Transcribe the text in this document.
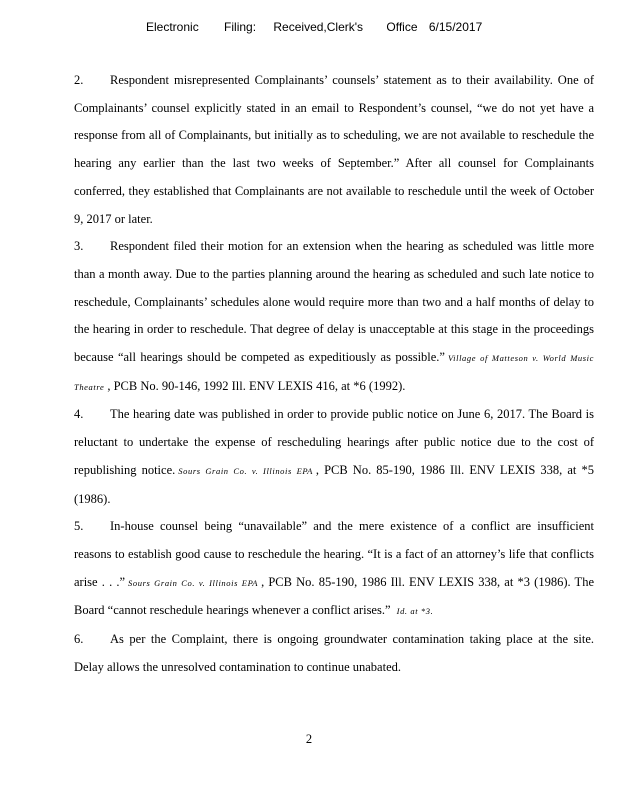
Electronic Filing: Received,Clerk's Office 6/15/2017

2. Respondent misrepresented Complainants’ counsels’ statement as to their availability. One of Complainants’ counsel explicitly stated in an email to Respondent’s counsel, “we do not yet have a response from all of Complainants, but initially as to scheduling, we are not available to reschedule the hearing any earlier than the last two weeks of September.” After all counsel for Complainants conferred, they established that Complainants are not available to reschedule until the week of October 9, 2017 or later.

3. Respondent filed their motion for an extension when the hearing as scheduled was little more than a month away. Due to the parties planning around the hearing as scheduled and such late notice to reschedule, Complainants’ schedules alone would require more than two and a half months of delay to the hearing in order to reschedule. That degree of delay is unacceptable at this stage in the proceedings because “all hearings should be competed as expeditiously as possible.” Village of Matteson v. World Music Theatre , PCB No. 90-146, 1992 Ill. ENV LEXIS 416, at *6 (1992).

4. The hearing date was published in order to provide public notice on June 6, 2017. The Board is reluctant to undertake the expense of rescheduling hearings after public notice due to the cost of republishing notice. Sours Grain Co. v. Illinois EPA , PCB No. 85-190, 1986 Ill. ENV LEXIS 338, at *5 (1986).

5. In-house counsel being “unavailable” and the mere existence of a conflict are insufficient reasons to establish good cause to reschedule the hearing. “It is a fact of an attorney’s life that conflicts arise . . .” Sours Grain Co. v. Illinois EPA , PCB No. 85-190, 1986 Ill. ENV LEXIS 338, at *3 (1986). The Board “cannot reschedule hearings whenever a conflict arises.” Id. at *3.

6. As per the Complaint, there is ongoing groundwater contamination taking place at the site. Delay allows the unresolved contamination to continue unabated.

2
